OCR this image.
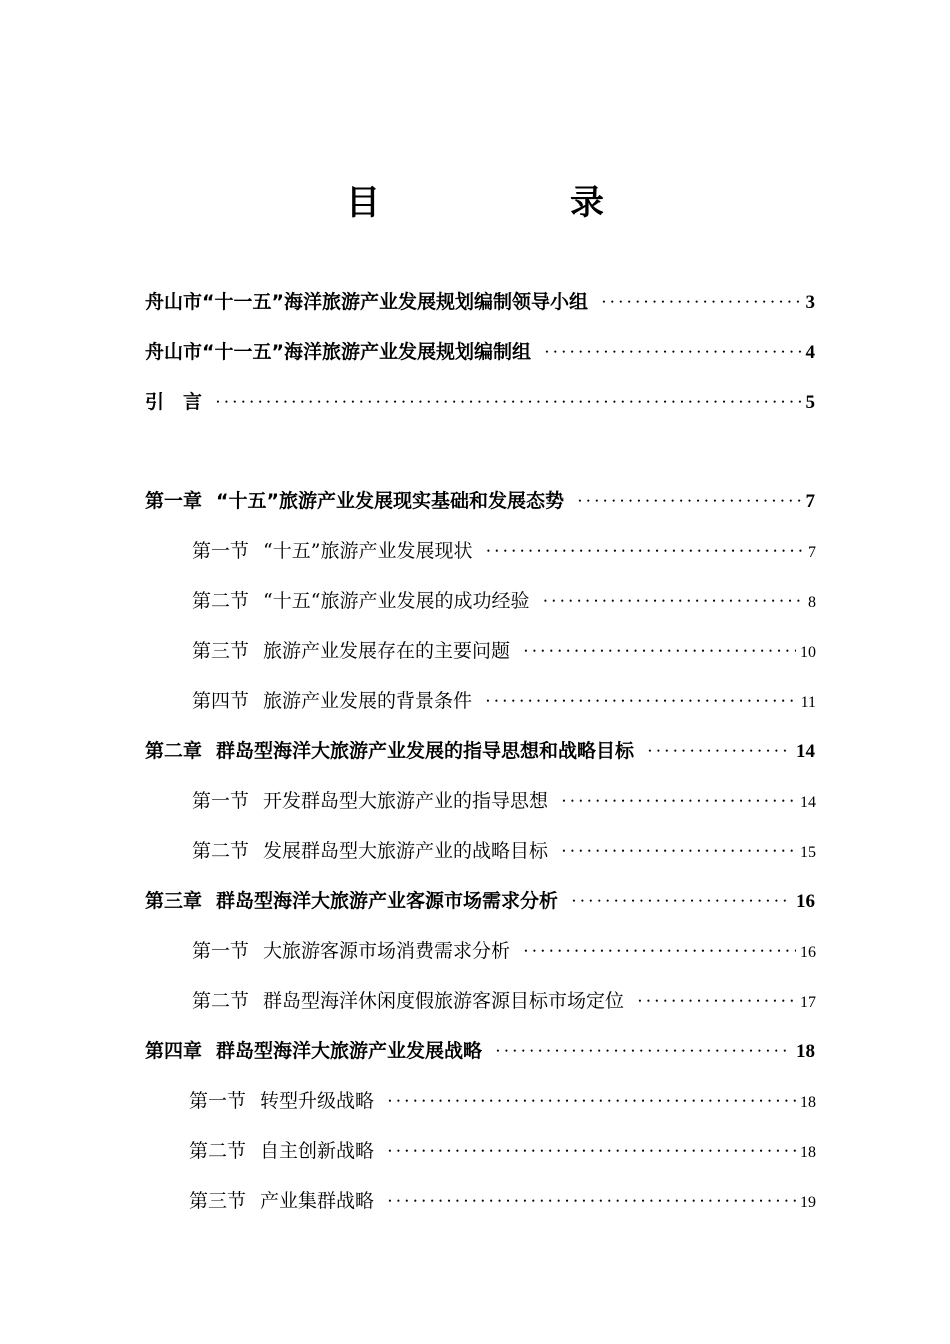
目　录
舟山市“十一五”海洋旅游产业发展规划编制领导小组 •••••	3
舟山市“十一五”海洋旅游产业发展规划编制组 •••••	4
引　言 •••••	5
第一章 “十五”旅游产业发展现实基础和发展态势 •••••	7
第一节 “十五”旅游产业发展现状 •••••	7
第二节 “十五“旅游产业发展的成功经验 •••••	8
第三节 旅游产业发展存在的主要问题 •••••	10
第四节 旅游产业发展的背景条件 •••••	11
第二章 群岛型海洋大旅游产业发展的指导思想和战略目标 •••••	14
第一节 开发群岛型大旅游产业的指导思想 •••••	14
第二节 发展群岛型大旅游产业的战略目标 •••••	15
第三章 群岛型海洋大旅游产业客源市场需求分析 •••••	16
第一节 大旅游客源市场消费需求分析 •••••	16
第二节 群岛型海洋休闲度假旅游客源目标市场定位 •••••	17
第四章 群岛型海洋大旅游产业发展战略 •••••	18
第一节 转型升级战略 •••••	18
第二节 自主创新战略 •••••	18
第三节 产业集群战略 •••••	19
